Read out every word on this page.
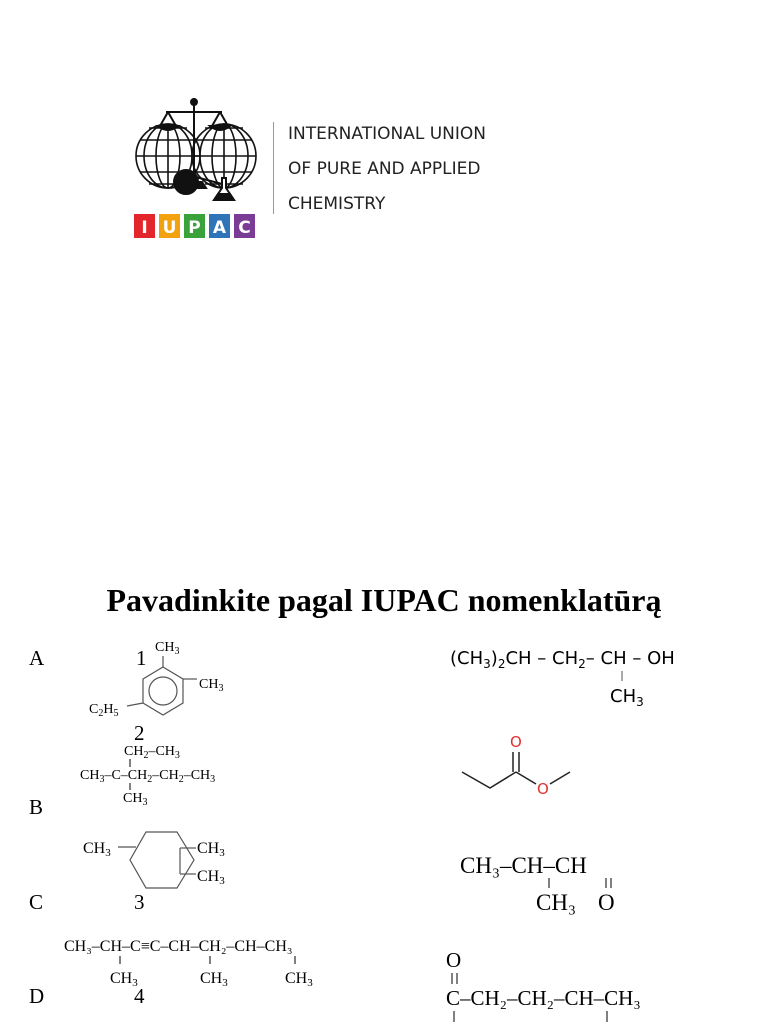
I U P A C
INTERNATIONAL UNION
OF PURE AND APPLIED
CHEMISTRY
Pavadinkite pagal IUPAC nomenklatūrą
A
B
C
D
1
2
3
4
$CH_3$
$CH_3$
$C_2H_5$
$CH_2-CH_3$
$CH_3-C-CH_2-CH_2-CH_3$
$CH_3$
CH3	CH3
CH3
CH₃–CH–C≡C–CH–CH₂–CH–CH₃
CH3	CH3	CH3
$(CH_3)_2CH - CH_2-$ CH – OH
$CH_3$
O
O
CH₃–CH–CH
CH₃ O
O
C–CH₂–CH₂–CH–CH₃
